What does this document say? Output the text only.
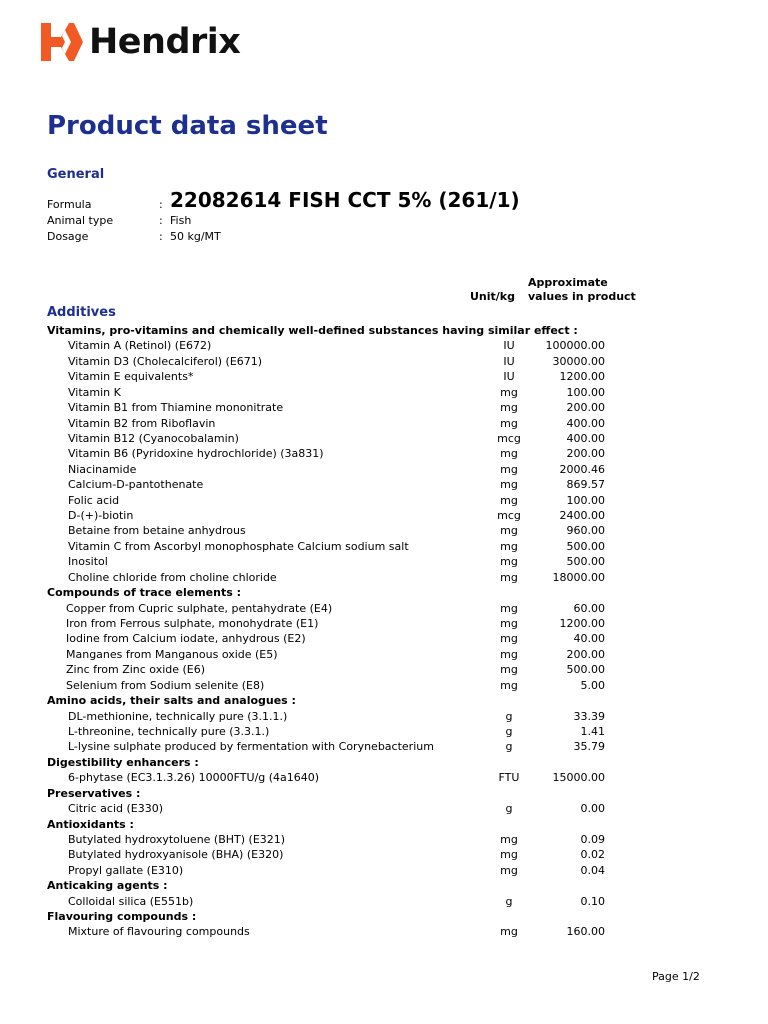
Hendrix
Product data sheet
General
Formula	: 22082614 FISH CCT 5% (261/1)
Animal type	: Fish
Dosage	: 50 kg/MT
Unit/kg
Approximate
values in product
Additives
Vitamins, pro-vitamins and chemically well-defined substances having similar effect :
Vitamin A (Retinol) (E672)	IU	100000.00
Vitamin D3 (Cholecalciferol) (E671)	IU	30000.00
Vitamin E equivalents*	IU	1200.00
Vitamin K	mg	100.00
Vitamin B1 from Thiamine mononitrate	mg	200.00
Vitamin B2 from Riboflavin	mg	400.00
Vitamin B12 (Cyanocobalamin)	mcg	400.00
Vitamin B6 (Pyridoxine hydrochloride) (3a831)	mg	200.00
Niacinamide	mg	2000.46
Calcium-D-pantothenate	mg	869.57
Folic acid	mg	100.00
D-(+)-biotin	mcg	2400.00
Betaine from betaine anhydrous	mg	960.00
Vitamin C from Ascorbyl monophosphate Calcium sodium salt	mg	500.00
Inositol	mg	500.00
Choline chloride from choline chloride	mg	18000.00
Compounds of trace elements :
Copper from Cupric sulphate, pentahydrate (E4)	mg	60.00
Iron from Ferrous sulphate, monohydrate (E1)	mg	1200.00
Iodine from Calcium iodate, anhydrous (E2)	mg	40.00
Manganes from Manganous oxide (E5)	mg	200.00
Zinc from Zinc oxide (E6)	mg	500.00
Selenium from Sodium selenite (E8)	mg	5.00
Amino acids, their salts and analogues :
DL-methionine, technically pure (3.1.1.)	g	33.39
L-threonine, technically pure (3.3.1.)	g	1.41
L-lysine sulphate produced by fermentation with Corynebacterium	g	35.79
Digestibility enhancers :
6-phytase (EC3.1.3.26) 10000FTU/g (4a1640)	FTU	15000.00
Preservatives :
Citric acid (E330)	g	0.00
Antioxidants :
Butylated hydroxytoluene (BHT) (E321)	mg	0.09
Butylated hydroxyanisole (BHA) (E320)	mg	0.02
Propyl gallate (E310)	mg	0.04
Anticaking agents :
Colloidal silica (E551b)	g	0.10
Flavouring compounds :
Mixture of flavouring compounds	mg	160.00
Page 1/2
